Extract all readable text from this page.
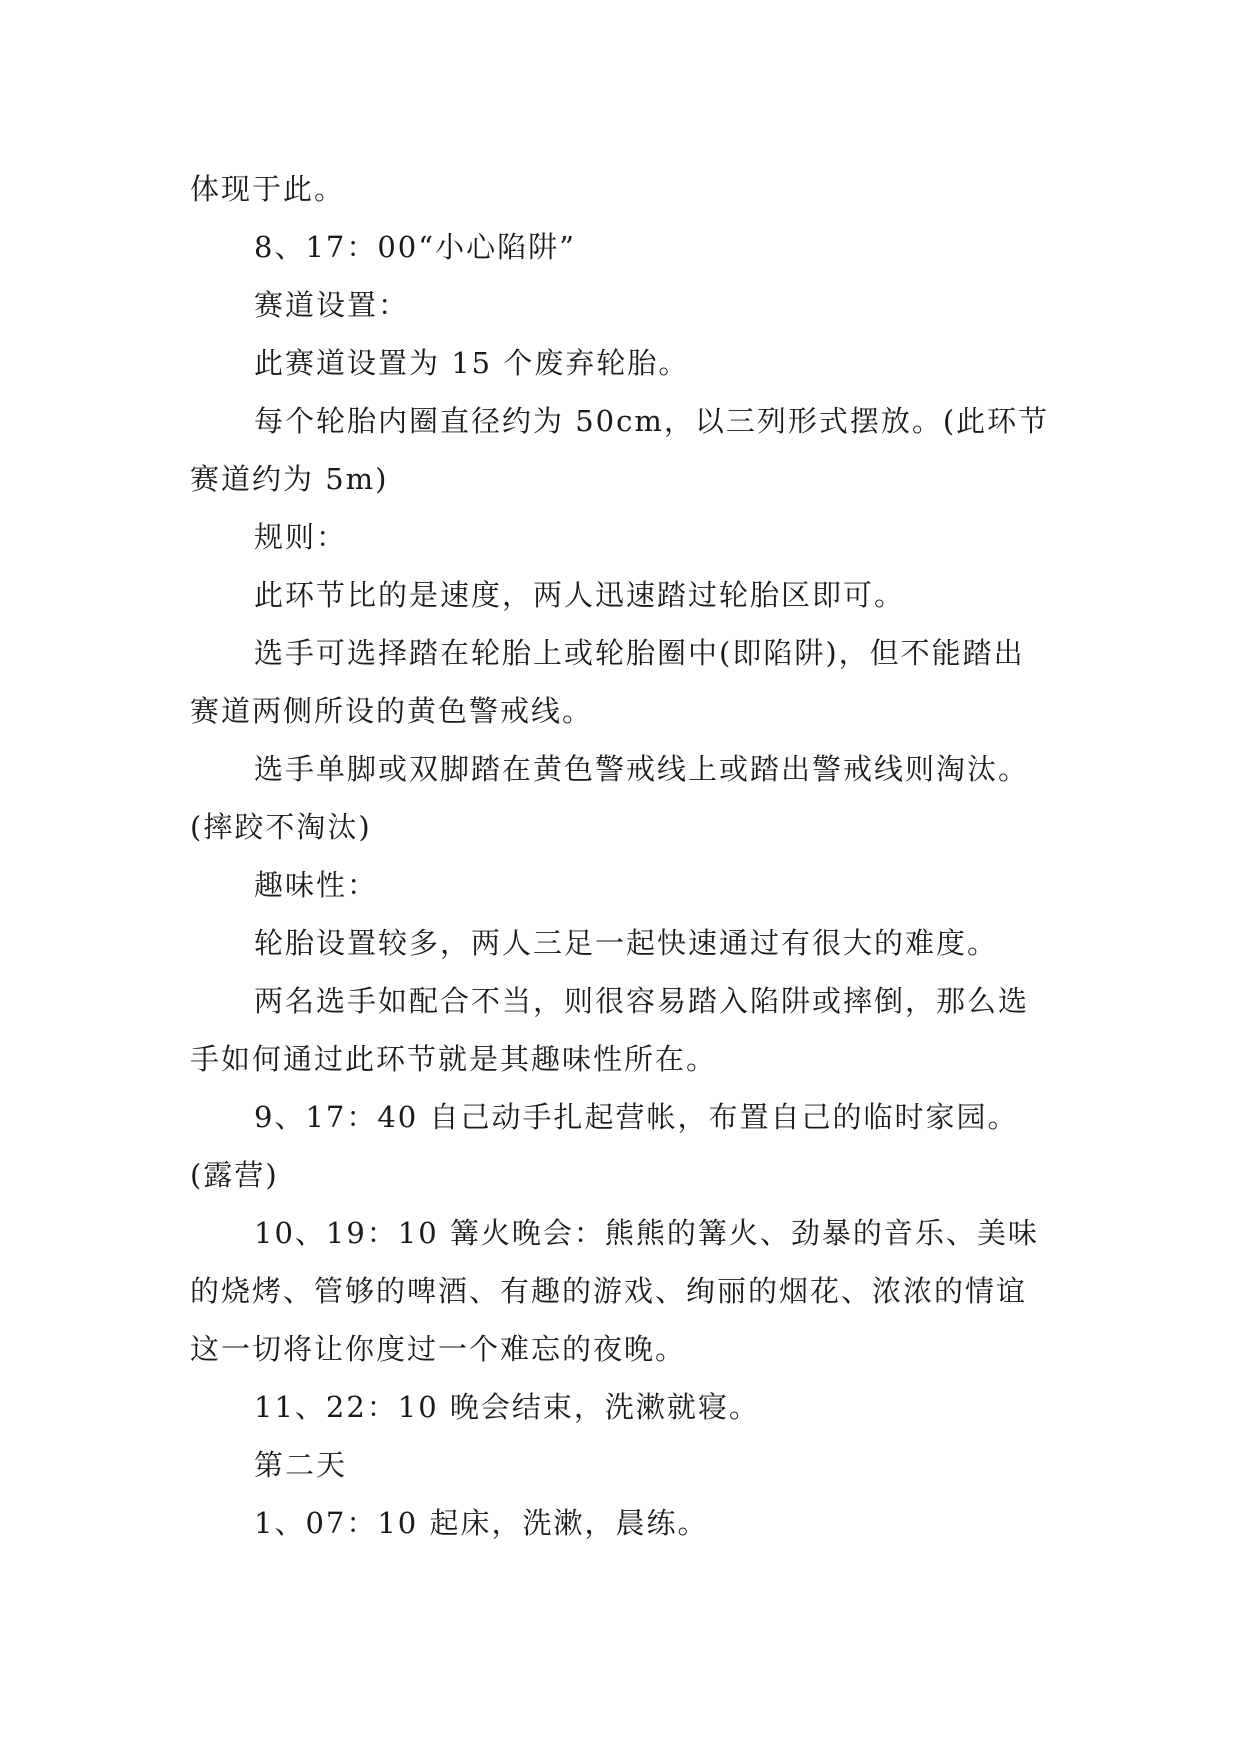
体现于此。

8、17：00“小心陷阱”

赛道设置：

此赛道设置为 15 个废弃轮胎。

每个轮胎内圈直径约为 50cm，以三列形式摆放。(此环节赛道约为 5m)

规则：

此环节比的是速度，两人迅速踏过轮胎区即可。

选手可选择踏在轮胎上或轮胎圈中(即陷阱)，但不能踏出赛道两侧所设的黄色警戒线。

选手单脚或双脚踏在黄色警戒线上或踏出警戒线则淘汰。(摔跤不淘汰)

趣味性：

轮胎设置较多，两人三足一起快速通过有很大的难度。

两名选手如配合不当，则很容易踏入陷阱或摔倒，那么选手如何通过此环节就是其趣味性所在。

9、17：40 自己动手扎起营帐，布置自己的临时家园。(露营)

10、19：10 篝火晚会：熊熊的篝火、劲暴的音乐、美味的烧烤、管够的啤酒、有趣的游戏、绚丽的烟花、浓浓的情谊这一切将让你度过一个难忘的夜晚。

11、22：10 晚会结束，洗漱就寝。

第二天

1、07：10 起床，洗漱，晨练。
